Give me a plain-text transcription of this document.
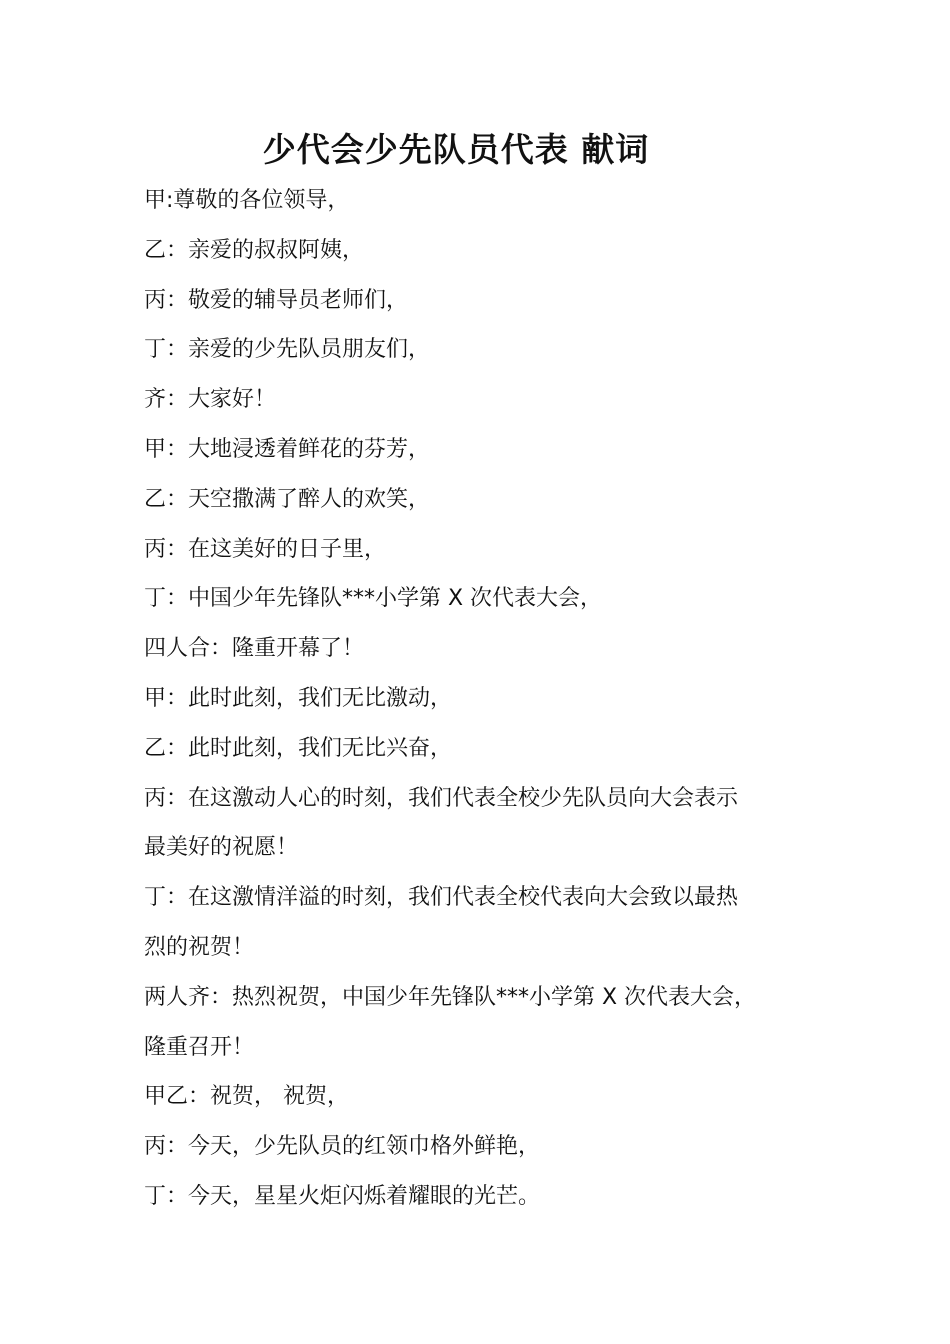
少代会少先队员代表 献词
甲:尊敬的各位领导，
乙：亲爱的叔叔阿姨，
丙：敬爱的辅导员老师们，
丁：亲爱的少先队员朋友们，
齐：大家好！
甲：大地浸透着鲜花的芬芳，
乙：天空撒满了醉人的欢笑，
丙：在这美好的日子里，
丁：中国少年先锋队***小学第 X 次代表大会，
四人合：隆重开幕了！
甲：此时此刻，我们无比激动，
乙：此时此刻，我们无比兴奋，
丙：在这激动人心的时刻，我们代表全校少先队员向大会表示
最美好的祝愿！
丁：在这激情洋溢的时刻，我们代表全校代表向大会致以最热
烈的祝贺！
两人齐：热烈祝贺，中国少年先锋队***小学第 X 次代表大会，
隆重召开！
甲乙：祝贺， 祝贺，
丙：今天，少先队员的红领巾格外鲜艳，
丁：今天，星星火炬闪烁着耀眼的光芒。
